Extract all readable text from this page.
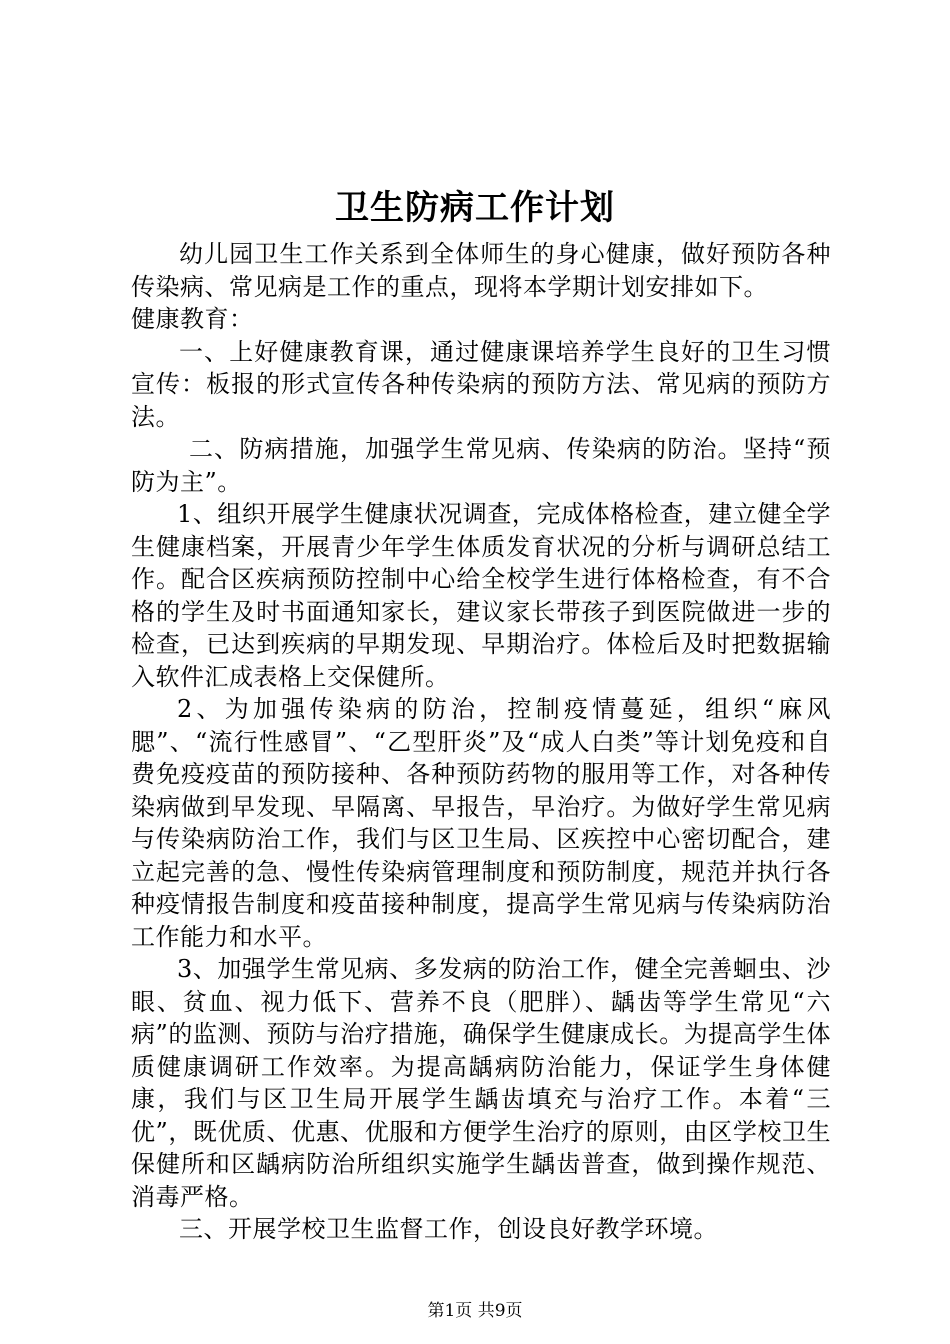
卫生防病工作计划

幼儿园卫生工作关系到全体师生的身心健康，做好预防各种传染病、常见病是工作的重点，现将本学期计划安排如下。

健康教育：

一、上好健康教育课，通过健康课培养学生良好的卫生习惯宣传：板报的形式宣传各种传染病的预防方法、常见病的预防方法。

二、防病措施，加强学生常见病、传染病的防治。坚持“预防为主”。

1、组织开展学生健康状况调查，完成体格检查，建立健全学生健康档案，开展青少年学生体质发育状况的分析与调研总结工作。配合区疾病预防控制中心给全校学生进行体格检查，有不合格的学生及时书面通知家长，建议家长带孩子到医院做进一步的检查，已达到疾病的早期发现、早期治疗。体检后及时把数据输入软件汇成表格上交保健所。

2、为加强传染病的防治，控制疫情蔓延，组织“麻风腮”、“流行性感冒”、“乙型肝炎”及“成人白类”等计划免疫和自费免疫疫苗的预防接种、各种预防药物的服用等工作，对各种传染病做到早发现、早隔离、早报告，早治疗。为做好学生常见病与传染病防治工作，我们与区卫生局、区疾控中心密切配合，建立起完善的急、慢性传染病管理制度和预防制度，规范并执行各种疫情报告制度和疫苗接种制度，提高学生常见病与传染病防治工作能力和水平。

3、加强学生常见病、多发病的防治工作，健全完善蛔虫、沙眼、贫血、视力低下、营养不良（肥胖）、龋齿等学生常见“六病”的监测、预防与治疗措施，确保学生健康成长。为提高学生体质健康调研工作效率。为提高龋病防治能力，保证学生身体健康，我们与区卫生局开展学生龋齿填充与治疗工作。本着“三优”，既优质、优惠、优服和方便学生治疗的原则，由区学校卫生保健所和区龋病防治所组织实施学生龋齿普查，做到操作规范、消毒严格。

三、开展学校卫生监督工作，创设良好教学环境。

第1页 共9页
